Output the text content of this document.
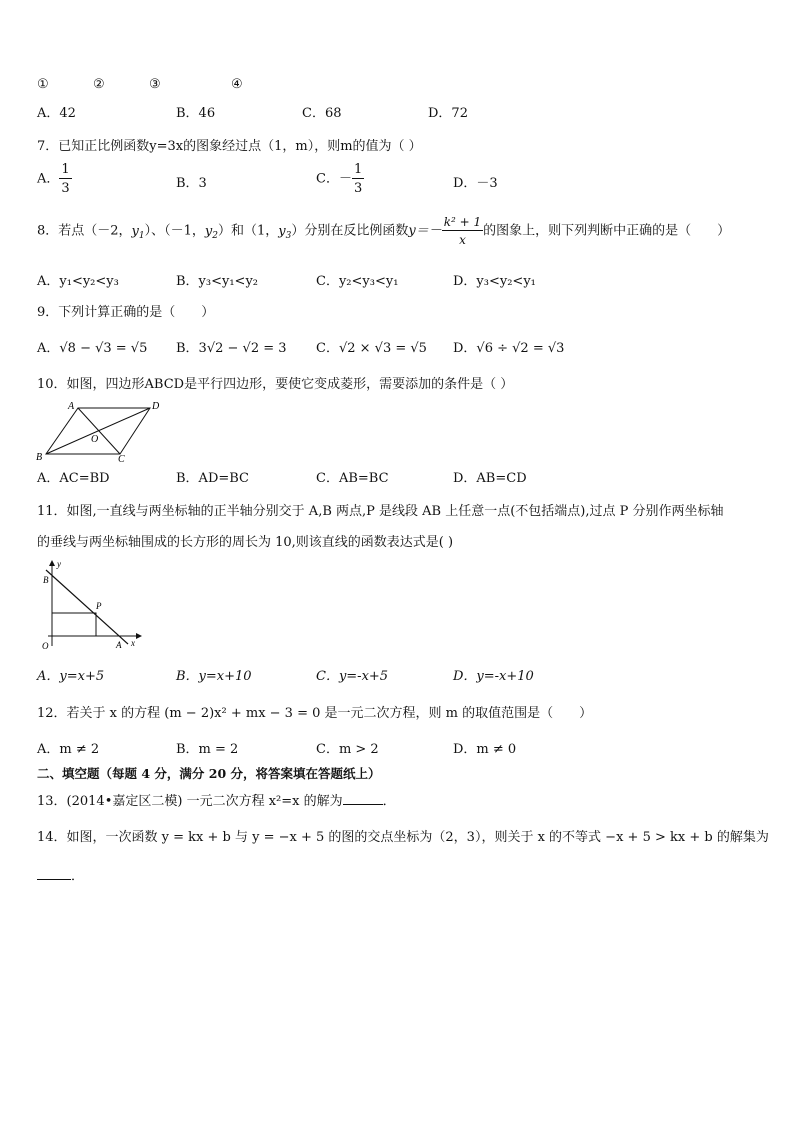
①	②	③	④
A．42	B．46	C．68	D．72
7．已知正比例函数y=3x的图象经过点（1，m），则m的值为（ ）
A． $\frac{1}{3}$	B．3	C．－ $\frac{1}{3}$	D．－3
8．若点（－2，$y_1$）、（－1，$y_2$）和（1，$y_3$）分别在反比例函数$y=- \frac{\text{k² + 1}}{x}$ 的图象上，则下列判断中正确的是（　　）
A．y₁<y₂<y₃	B．y₃<y₁<y₂	C．y₂<y₃<y₁	D．y₃<y₂<y₁
9．下列计算正确的是（　　）
A．√8 − √3 = √5 B．3√2 − √2 = 3 C．√2 × √3 = √5 D．√6 ÷ √2 = √3
10．如图，四边形ABCD是平行四边形，要使它变成菱形，需要添加的条件是（ ）
A	D
O
B	C
A．AC=BD	B．AD=BC	C．AB=BC	D．AB=CD
11．如图,一直线与两坐标轴的正半轴分别交于 A,B 两点,P 是线段 AB 上任意一点(不包括端点),过点 P 分别作两坐标轴
的垂线与两坐标轴围成的长方形的周长为 10,则该直线的函数表达式是( )
y
B
P
O	A x
A．y=x+5	B．y=x+10	C．y=-x+5	D．y=-x+10
12．若关于 x 的方程 (m − 2)x² + mx − 3 = 0 是一元二次方程，则 m 的取值范围是（　　）
A．m ≠ 2	B．m = 2	C．m > 2	D．m ≠ 0
二、填空题（每题 4 分，满分 20 分，将答案填在答题纸上）
13．(2014•嘉定区二模) 一元二次方程 x²=x 的解为	．
14．如图，一次函数 y = kx + b 与 y = −x + 5 的图的交点坐标为（2，3），则关于 x 的不等式 −x + 5 > kx + b 的解集为
．
